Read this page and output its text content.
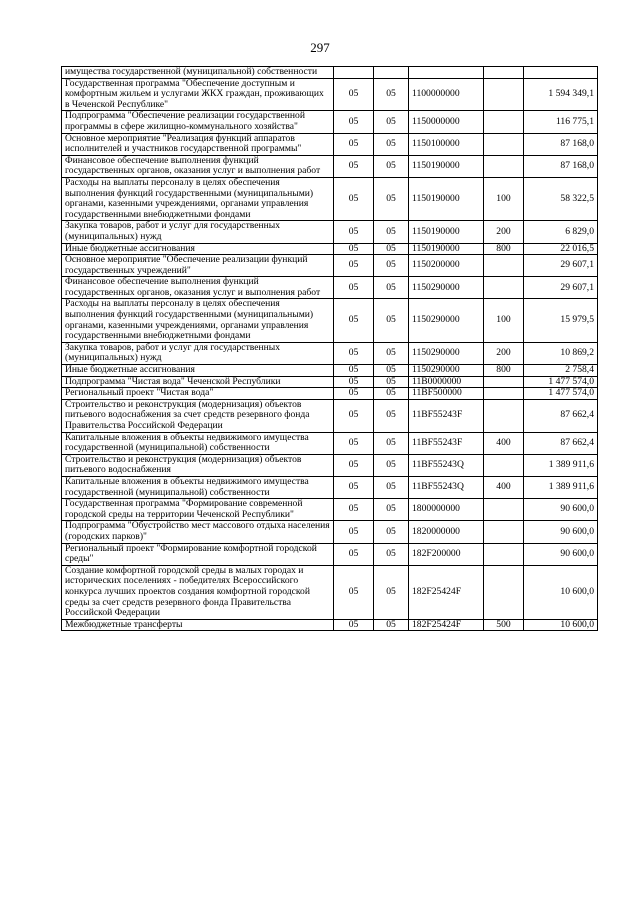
297
имущества государственной (муниципальной) собственности					
Государственная программа "Обеспечение доступным и комфортным жильем и услугами ЖКХ граждан, проживающих в Чеченской Республике"	05	05	1100000000		1 594 349,1
Подпрограмма "Обеспечение реализации государственной программы в сфере жилищно-коммунального хозяйства"	05	05	1150000000		116 775,1
Основное мероприятие "Реализация функций аппаратов исполнителей и участников государственной программы"	05	05	1150100000		87 168,0
Финансовое обеспечение выполнения функций государственных органов, оказания услуг и выполнения работ	05	05	1150190000		87 168,0
Расходы на выплаты персоналу в целях обеспечения выполнения функций государственными (муниципальными) органами, казенными учреждениями, органами управления государственными внебюджетными фондами	05	05	1150190000	100	58 322,5
Закупка товаров, работ и услуг для государственных (муниципальных) нужд	05	05	1150190000	200	6 829,0
Иные бюджетные ассигнования	05	05	1150190000	800	22 016,5
Основное мероприятие "Обеспечение реализации функций государственных учреждений"	05	05	1150200000		29 607,1
Финансовое обеспечение выполнения функций государственных органов, оказания услуг и выполнения работ	05	05	1150290000		29 607,1
Расходы на выплаты персоналу в целях обеспечения выполнения функций государственными (муниципальными) органами, казенными учреждениями, органами управления государственными внебюджетными фондами	05	05	1150290000	100	15 979,5
Закупка товаров, работ и услуг для государственных (муниципальных) нужд	05	05	1150290000	200	10 869,2
Иные бюджетные ассигнования	05	05	1150290000	800	2 758,4
Подпрограмма "Чистая вода" Чеченской Республики	05	05	11B0000000		1 477 574,0
Региональный проект "Чистая вода"	05	05	11BF500000		1 477 574,0
Строительство и реконструкция (модернизация) объектов питьевого водоснабжения за счет средств резервного фонда Правительства Российской Федерации	05	05	11BF55243F		87 662,4
Капитальные вложения в объекты недвижимого имущества государственной (муниципальной) собственности	05	05	11BF55243F	400	87 662,4
Строительство и реконструкция (модернизация) объектов питьевого водоснабжения	05	05	11BF55243Q		1 389 911,6
Капитальные вложения в объекты недвижимого имущества государственной (муниципальной) собственности	05	05	11BF55243Q	400	1 389 911,6
Государственная программа "Формирование современной городской среды на территории Чеченской Республики"	05	05	1800000000		90 600,0
Подпрограмма "Обустройство мест массового отдыха населения (городских парков)"	05	05	1820000000		90 600,0
Региональный проект "Формирование комфортной городской среды"	05	05	182F200000		90 600,0
Создание комфортной городской среды в малых городах и исторических поселениях - победителях Всероссийского конкурса лучших проектов создания комфортной городской среды за счет средств резервного фонда Правительства Российской Федерации	05	05	182F25424F		10 600,0
Межбюджетные трансферты	05	05	182F25424F	500	10 600,0
